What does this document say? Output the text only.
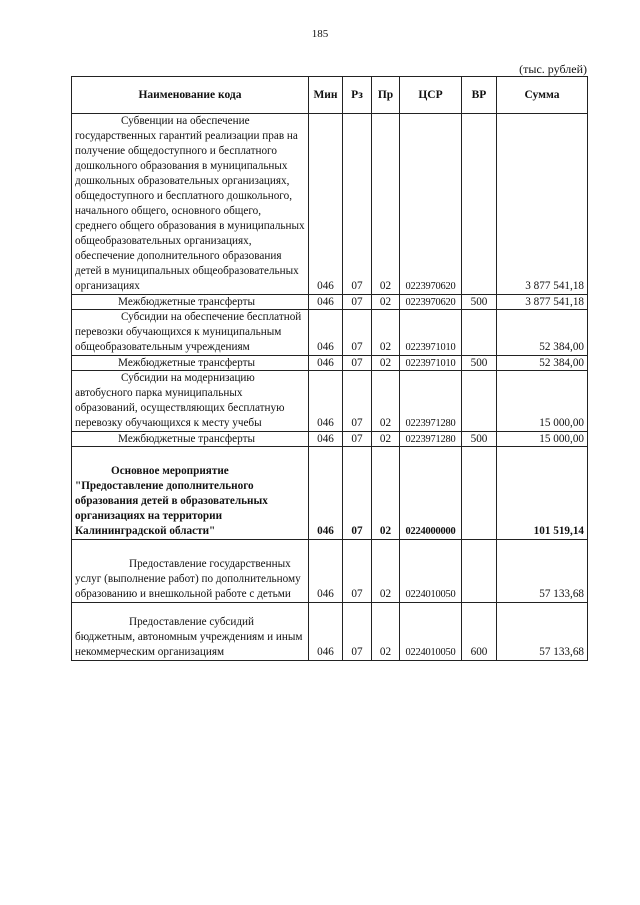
185
(тыс. рублей)
Наименование кода	Мин	Рз	Пр	ЦСР	ВР	Сумма
Субвенции на обеспечение государственных гарантий реализации прав на получение общедоступного и бесплатного дошкольного образования в муниципальных дошкольных образовательных организациях, общедоступного и бесплатного дошкольного, начального общего, основного общего, среднего общего образования в муниципальных общеобразовательных организациях, обеспечение дополнительного образования детей в муниципальных общеобразовательных организациях	046	07	02	0223970620		3 877 541,18
Межбюджетные трансферты	046	07	02	0223970620	500	3 877 541,18
Субсидии на обеспечение бесплатной перевозки обучающихся к муниципальным общеобразовательным учреждениям	046	07	02	0223971010		52 384,00
Межбюджетные трансферты	046	07	02	0223971010	500	52 384,00
Субсидии на модернизацию автобусного парка муниципальных образований, осуществляющих бесплатную перевозку обучающихся к месту учебы	046	07	02	0223971280		15 000,00
Межбюджетные трансферты	046	07	02	0223971280	500	15 000,00
Основное мероприятие "Предоставление дополнительного образования детей в образовательных организациях на территории Калининградской области"	046	07	02	0224000000		101 519,14
Предоставление государственных услуг (выполнение работ) по дополнительному образованию и внешкольной работе с детьми	046	07	02	0224010050		57 133,68
Предоставление субсидий бюджетным, автономным учреждениям и иным некоммерческим организациям	046	07	02	0224010050	600	57 133,68
